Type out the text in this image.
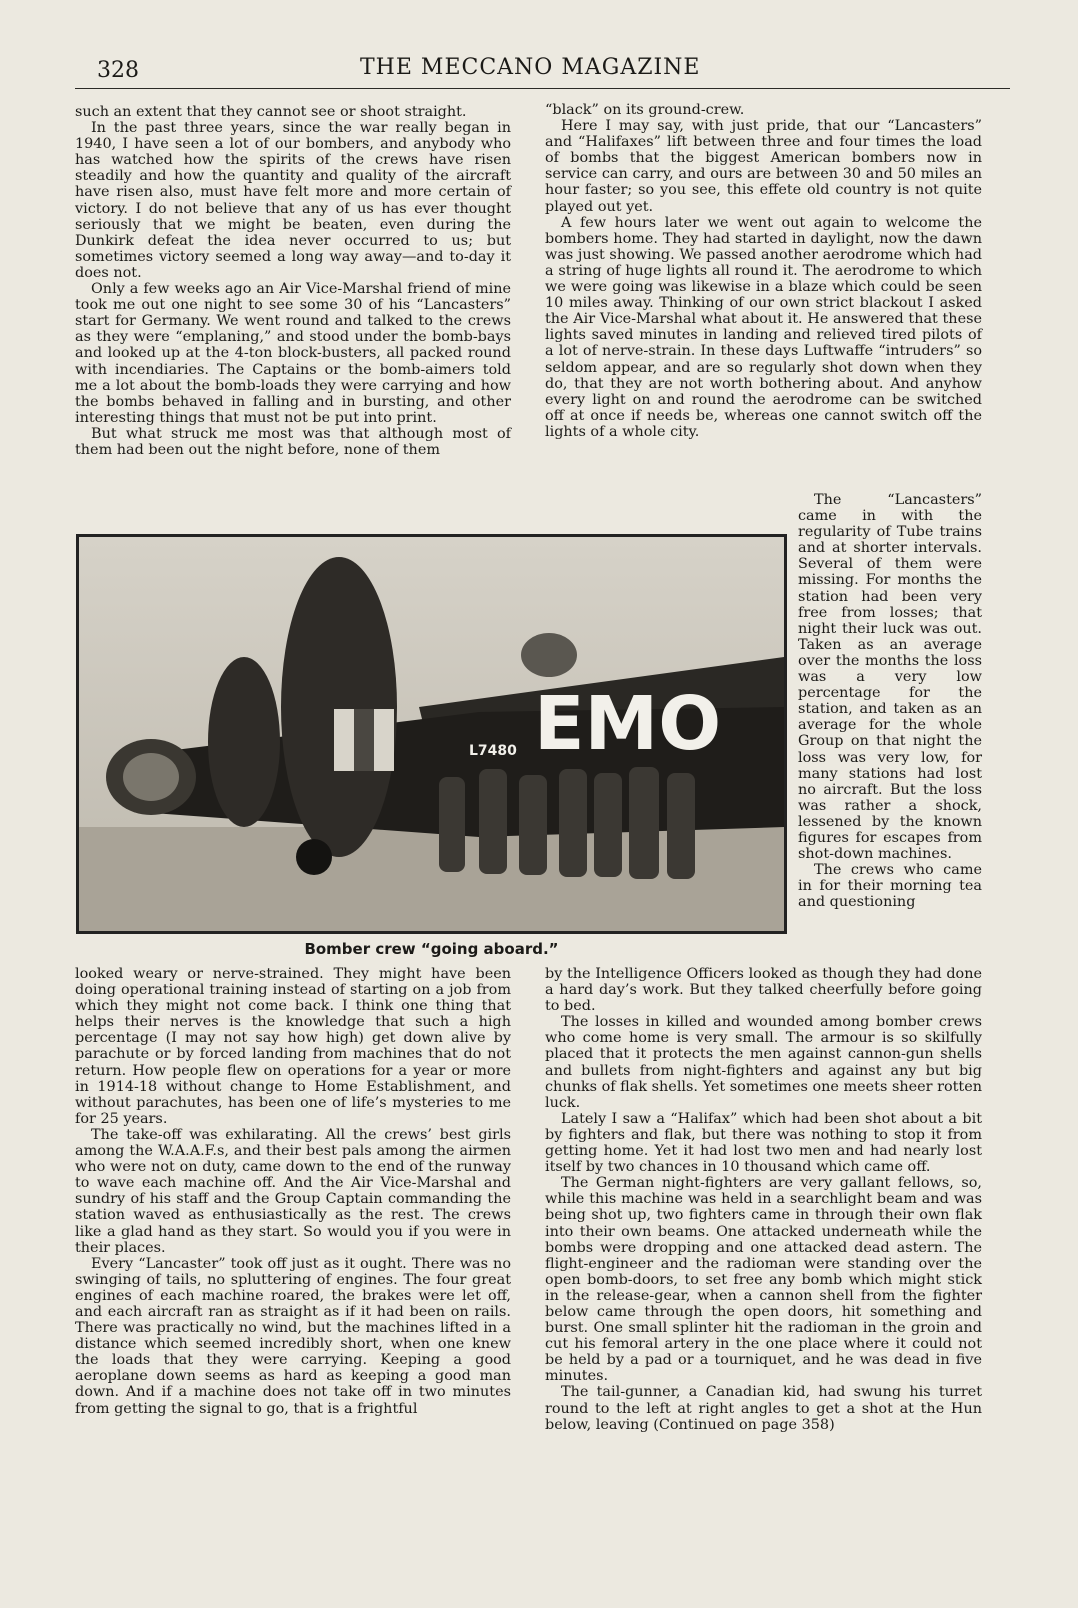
328	THE MECCANO MAGAZINE

such an extent that they cannot see or shoot straight.

In the past three years, since the war really began in 1940, I have seen a lot of our bombers, and anybody who has watched how the spirits of the crews have risen steadily and how the quantity and quality of the aircraft have risen also, must have felt more and more certain of victory. I do not believe that any of us has ever thought seriously that we might be beaten, even during the Dunkirk defeat the idea never occurred to us; but sometimes victory seemed a long way away—and to-day it does not.

Only a few weeks ago an Air Vice-Marshal friend of mine took me out one night to see some 30 of his “Lancasters” start for Germany. We went round and talked to the crews as they were “emplaning,” and stood under the bomb-bays and looked up at the 4-ton block-busters, all packed round with incendiaries. The Captains or the bomb-aimers told me a lot about the bomb-loads they were carrying and how the bombs behaved in falling and in bursting, and other interesting things that must not be put into print.

But what struck me most was that although most of them had been out the night before, none of them

“black” on its ground-crew.

Here I may say, with just pride, that our “Lancasters” and “Halifaxes” lift between three and four times the load of bombs that the biggest American bombers now in service can carry, and ours are between 30 and 50 miles an hour faster; so you see, this effete old country is not quite played out yet.

A few hours later we went out again to welcome the bombers home. They had started in daylight, now the dawn was just showing. We passed another aerodrome which had a string of huge lights all round it. The aerodrome to which we were going was likewise in a blaze which could be seen 10 miles away. Thinking of our own strict blackout I asked the Air Vice-Marshal what about it. He answered that these lights saved minutes in landing and relieved tired pilots of a lot of nerve-strain. In these days Luftwaffe “intruders” so seldom appear, and are so regularly shot down when they do, that they are not worth bothering about. And anyhow every light on and round the aerodrome can be switched off at once if needs be, whereas one cannot switch off the lights of a whole city.

The “Lancasters” came in with the regularity of Tube trains and at shorter intervals. Several of them were missing. For months the station had been very free from losses; that night their luck was out. Taken as an average over the months the loss was a very low percentage for the station, and taken as an average for the whole Group on that night the loss was very low, for many stations had lost no aircraft. But the loss was rather a shock, lessened by the known figures for escapes from shot-down machines.

The crews who came in for their morning tea and questioning

EMO
L7480
Bomber crew “going aboard.”

looked weary or nerve-strained. They might have been doing operational training instead of starting on a job from which they might not come back. I think one thing that helps their nerves is the knowledge that such a high percentage (I may not say how high) get down alive by parachute or by forced landing from machines that do not return. How people flew on operations for a year or more in 1914-18 without change to Home Establishment, and without parachutes, has been one of life’s mysteries to me for 25 years.

The take-off was exhilarating. All the crews’ best girls among the W.A.A.F.s, and their best pals among the airmen who were not on duty, came down to the end of the runway to wave each machine off. And the Air Vice-Marshal and sundry of his staff and the Group Captain commanding the station waved as enthusiastically as the rest. The crews like a glad hand as they start. So would you if you were in their places.

Every “Lancaster” took off just as it ought. There was no swinging of tails, no spluttering of engines. The four great engines of each machine roared, the brakes were let off, and each aircraft ran as straight as if it had been on rails. There was practically no wind, but the machines lifted in a distance which seemed incredibly short, when one knew the loads that they were carrying. Keeping a good aeroplane down seems as hard as keeping a good man down. And if a machine does not take off in two minutes from getting the signal to go, that is a frightful

by the Intelligence Officers looked as though they had done a hard day’s work. But they talked cheerfully before going to bed.

The losses in killed and wounded among bomber crews who come home is very small. The armour is so skilfully placed that it protects the men against cannon-gun shells and bullets from night-fighters and against any but big chunks of flak shells. Yet sometimes one meets sheer rotten luck.

Lately I saw a “Halifax” which had been shot about a bit by fighters and flak, but there was nothing to stop it from getting home. Yet it had lost two men and had nearly lost itself by two chances in 10 thousand which came off.

The German night-fighters are very gallant fellows, so, while this machine was held in a searchlight beam and was being shot up, two fighters came in through their own flak into their own beams. One attacked underneath while the bombs were dropping and one attacked dead astern. The flight-engineer and the radioman were standing over the open bomb-doors, to set free any bomb which might stick in the release-gear, when a cannon shell from the fighter below came through the open doors, hit something and burst. One small splinter hit the radioman in the groin and cut his femoral artery in the one place where it could not be held by a pad or a tourniquet, and he was dead in five minutes.

The tail-gunner, a Canadian kid, had swung his turret round to the left at right angles to get a shot at the Hun below, leaving (Continued on page 358)
